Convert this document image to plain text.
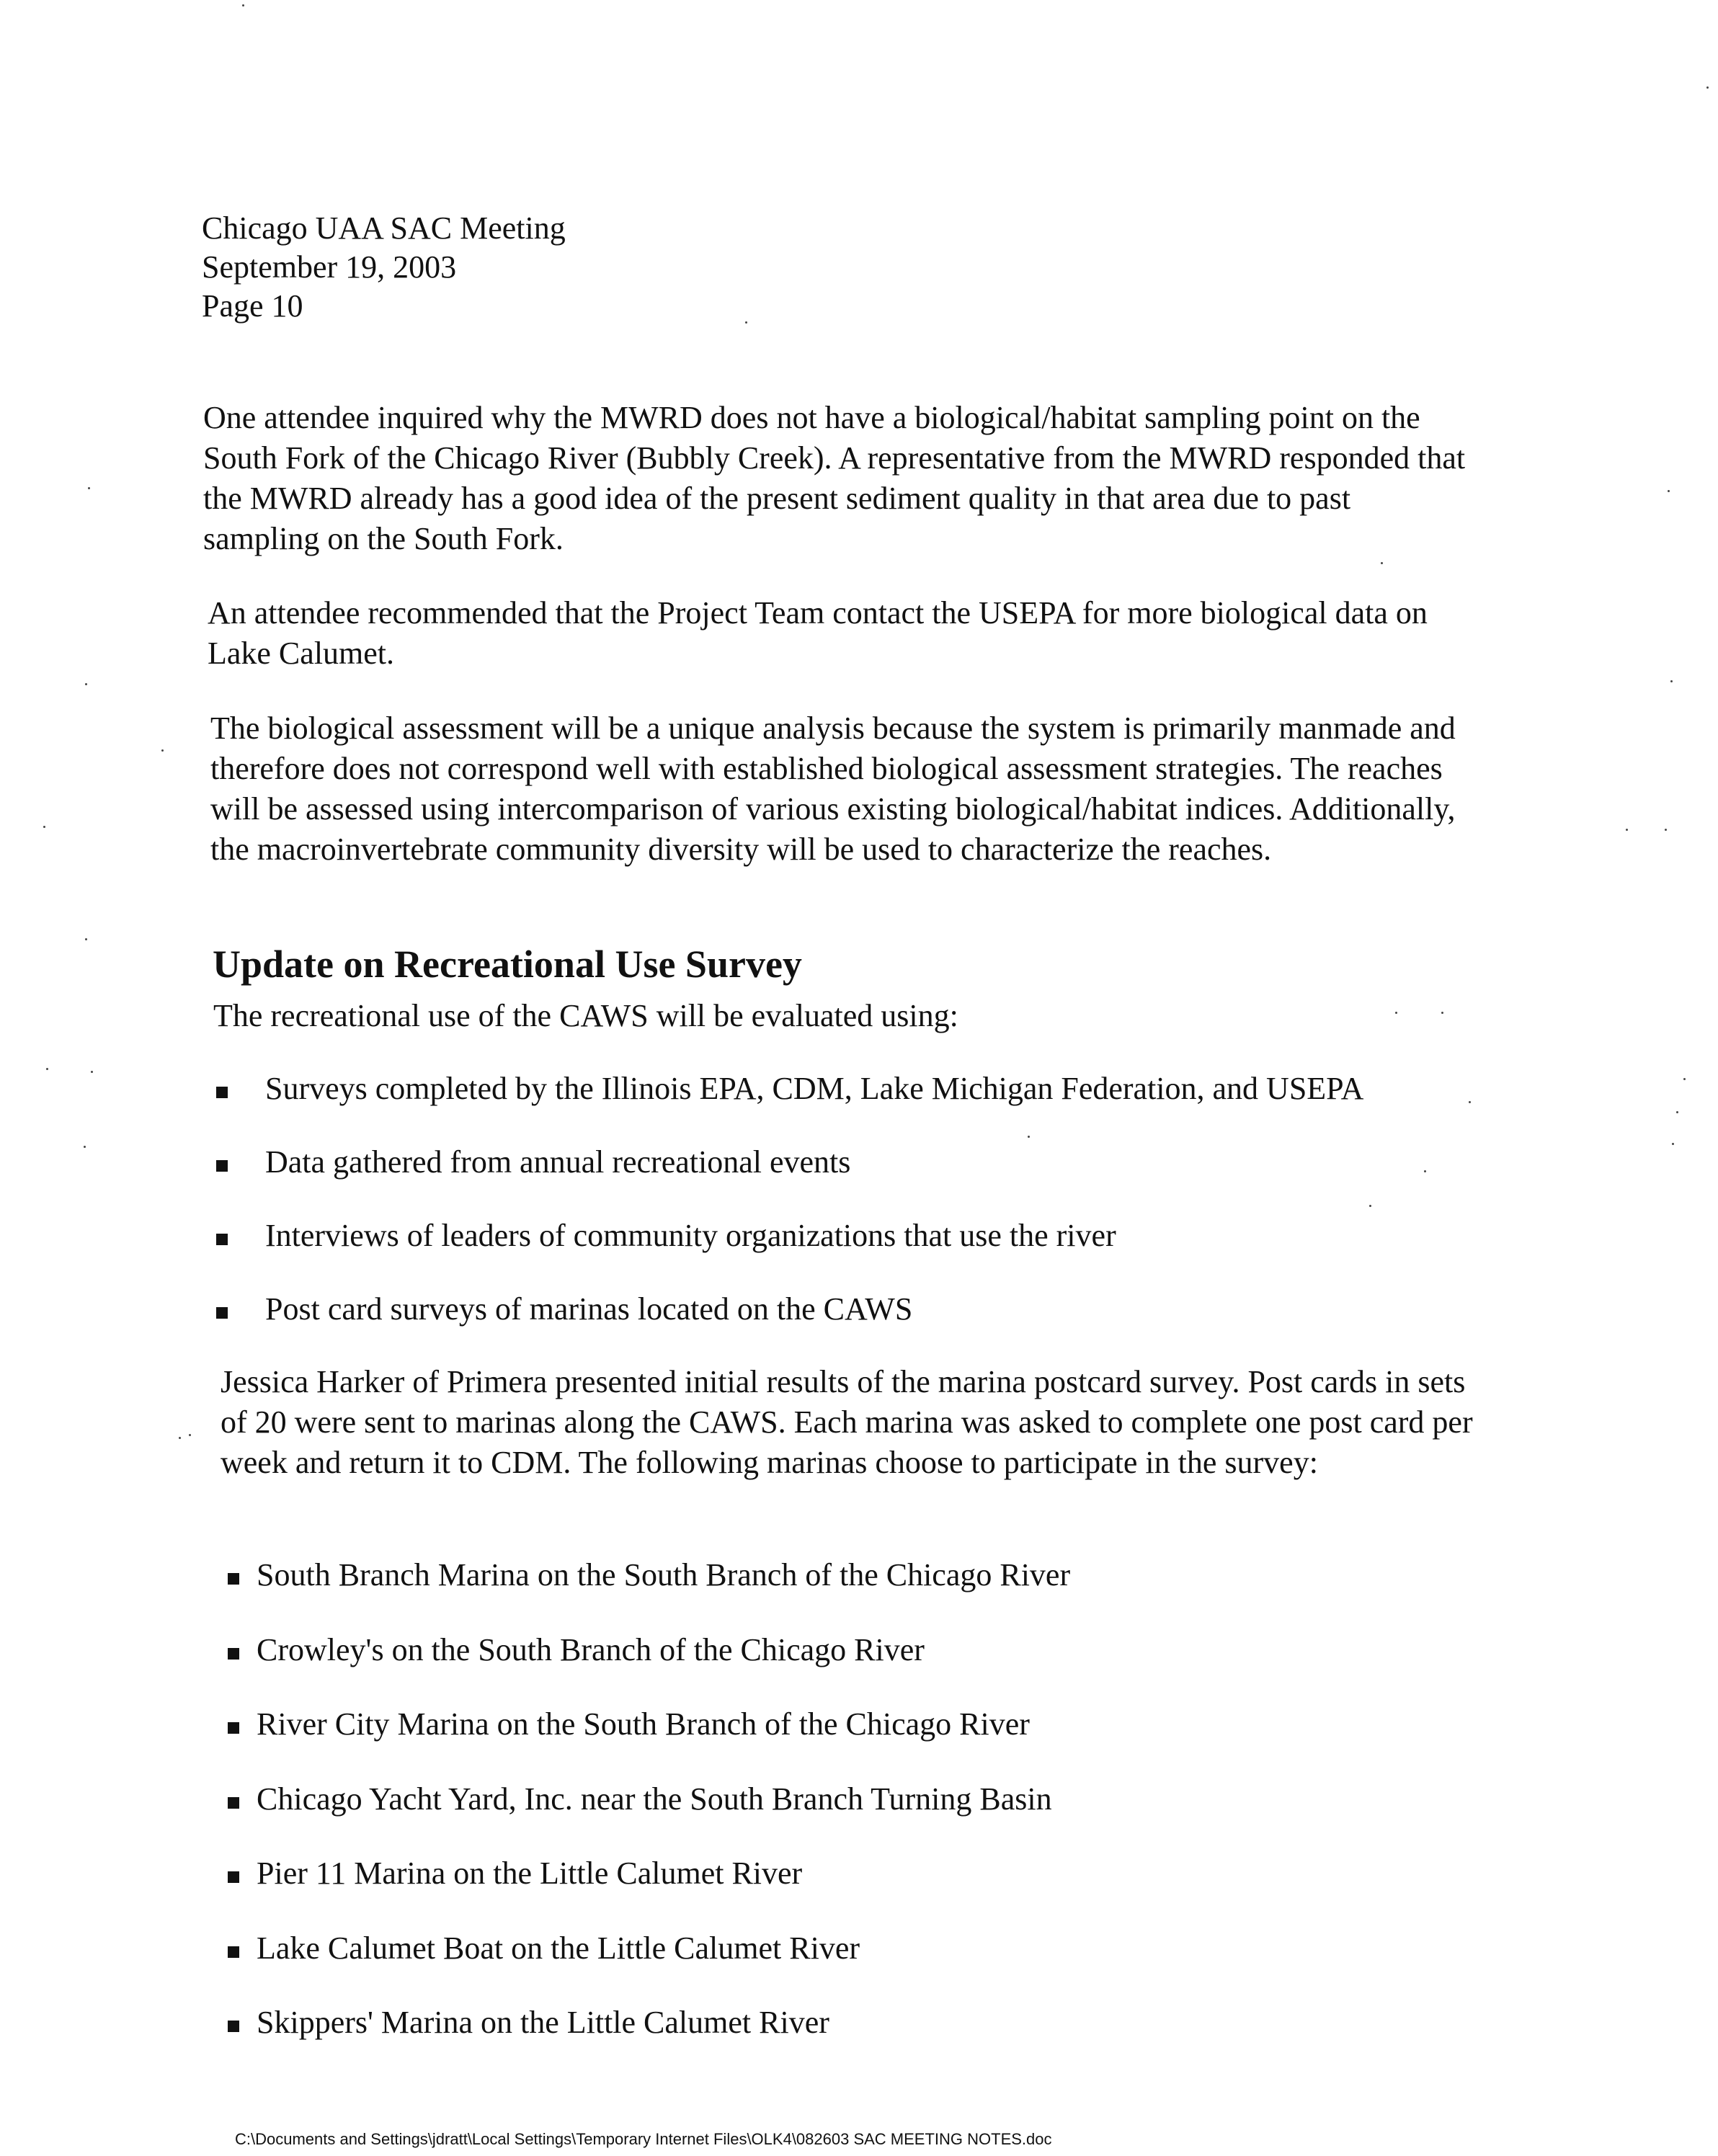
Chicago UAA SAC Meeting
September 19, 2003
Page 10

One attendee inquired why the MWRD does not have a biological/habitat sampling point on the South Fork of the Chicago River (Bubbly Creek). A representative from the MWRD responded that the MWRD already has a good idea of the present sediment quality in that area due to past sampling on the South Fork.

An attendee recommended that the Project Team contact the USEPA for more biological data on Lake Calumet.

The biological assessment will be a unique analysis because the system is primarily manmade and therefore does not correspond well with established biological assessment strategies. The reaches will be assessed using intercomparison of various existing biological/habitat indices. Additionally, the macroinvertebrate community diversity will be used to characterize the reaches.

Update on Recreational Use Survey

The recreational use of the CAWS will be evaluated using:

Surveys completed by the Illinois EPA, CDM, Lake Michigan Federation, and USEPA
Data gathered from annual recreational events
Interviews of leaders of community organizations that use the river
Post card surveys of marinas located on the CAWS

Jessica Harker of Primera presented initial results of the marina postcard survey. Post cards in sets of 20 were sent to marinas along the CAWS. Each marina was asked to complete one post card per week and return it to CDM. The following marinas choose to participate in the survey:

South Branch Marina on the South Branch of the Chicago River
Crowley's on the South Branch of the Chicago River
River City Marina on the South Branch of the Chicago River
Chicago Yacht Yard, Inc. near the South Branch Turning Basin
Pier 11 Marina on the Little Calumet River
Lake Calumet Boat on the Little Calumet River
Skippers' Marina on the Little Calumet River
C:\Documents and Settings\jdratt\Local Settings\Temporary Internet Files\OLK4\082603 SAC MEETING NOTES.doc
